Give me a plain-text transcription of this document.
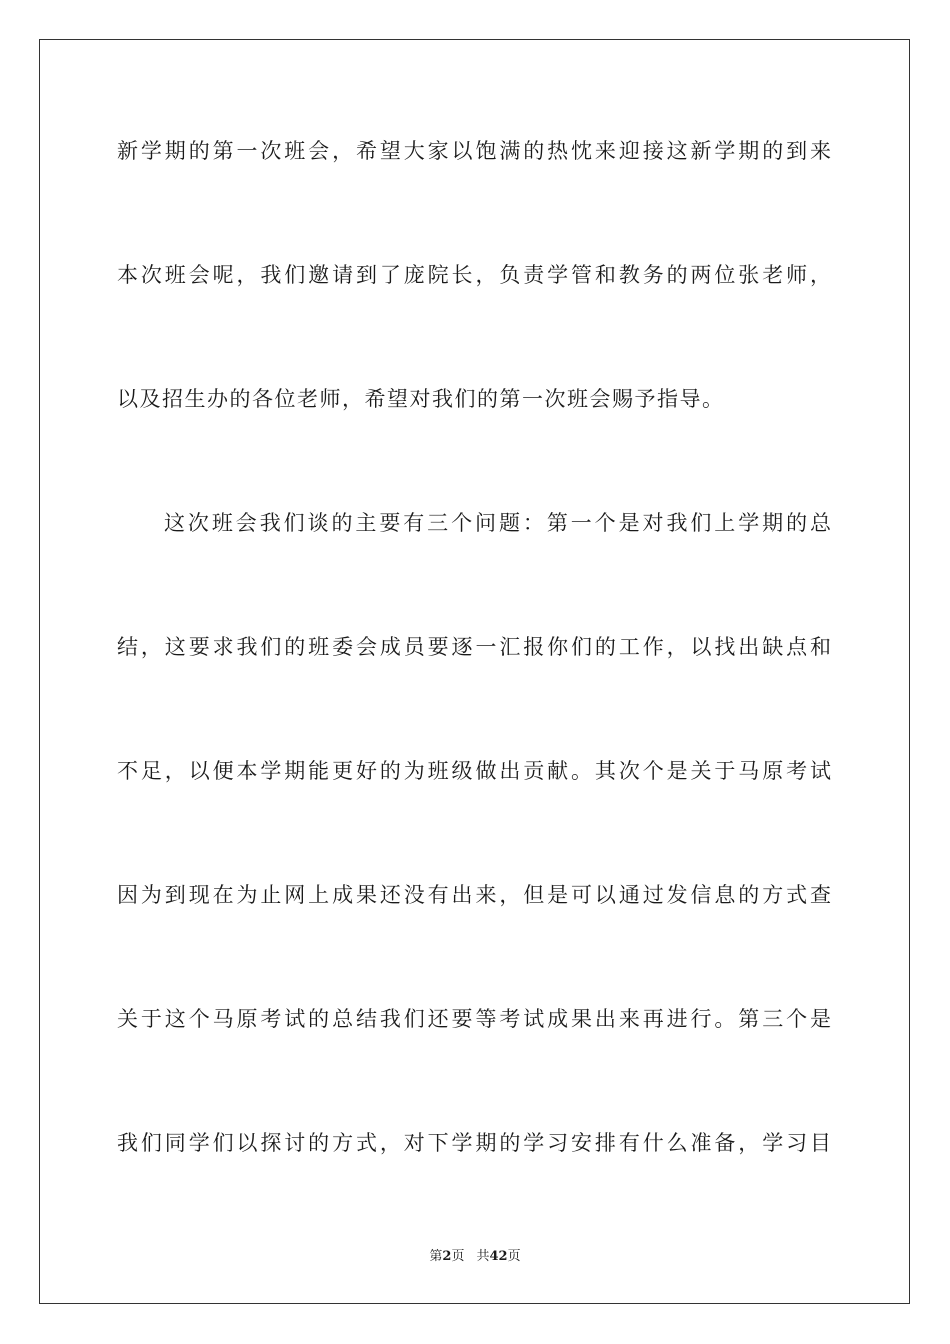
新学期的第一次班会，希望大家以饱满的热忱来迎接这新学期的到来
本次班会呢，我们邀请到了庞院长，负责学管和教务的两位张老师，
以及招生办的各位老师，希望对我们的第一次班会赐予指导。
这次班会我们谈的主要有三个问题：第一个是对我们上学期的总
结，这要求我们的班委会成员要逐一汇报你们的工作，以找出缺点和
不足，以便本学期能更好的为班级做出贡献。其次个是关于马原考试
因为到现在为止网上成果还没有出来，但是可以通过发信息的方式查
关于这个马原考试的总结我们还要等考试成果出来再进行。第三个是
我们同学们以探讨的方式，对下学期的学习安排有什么准备，学习目
第2页 共42页
